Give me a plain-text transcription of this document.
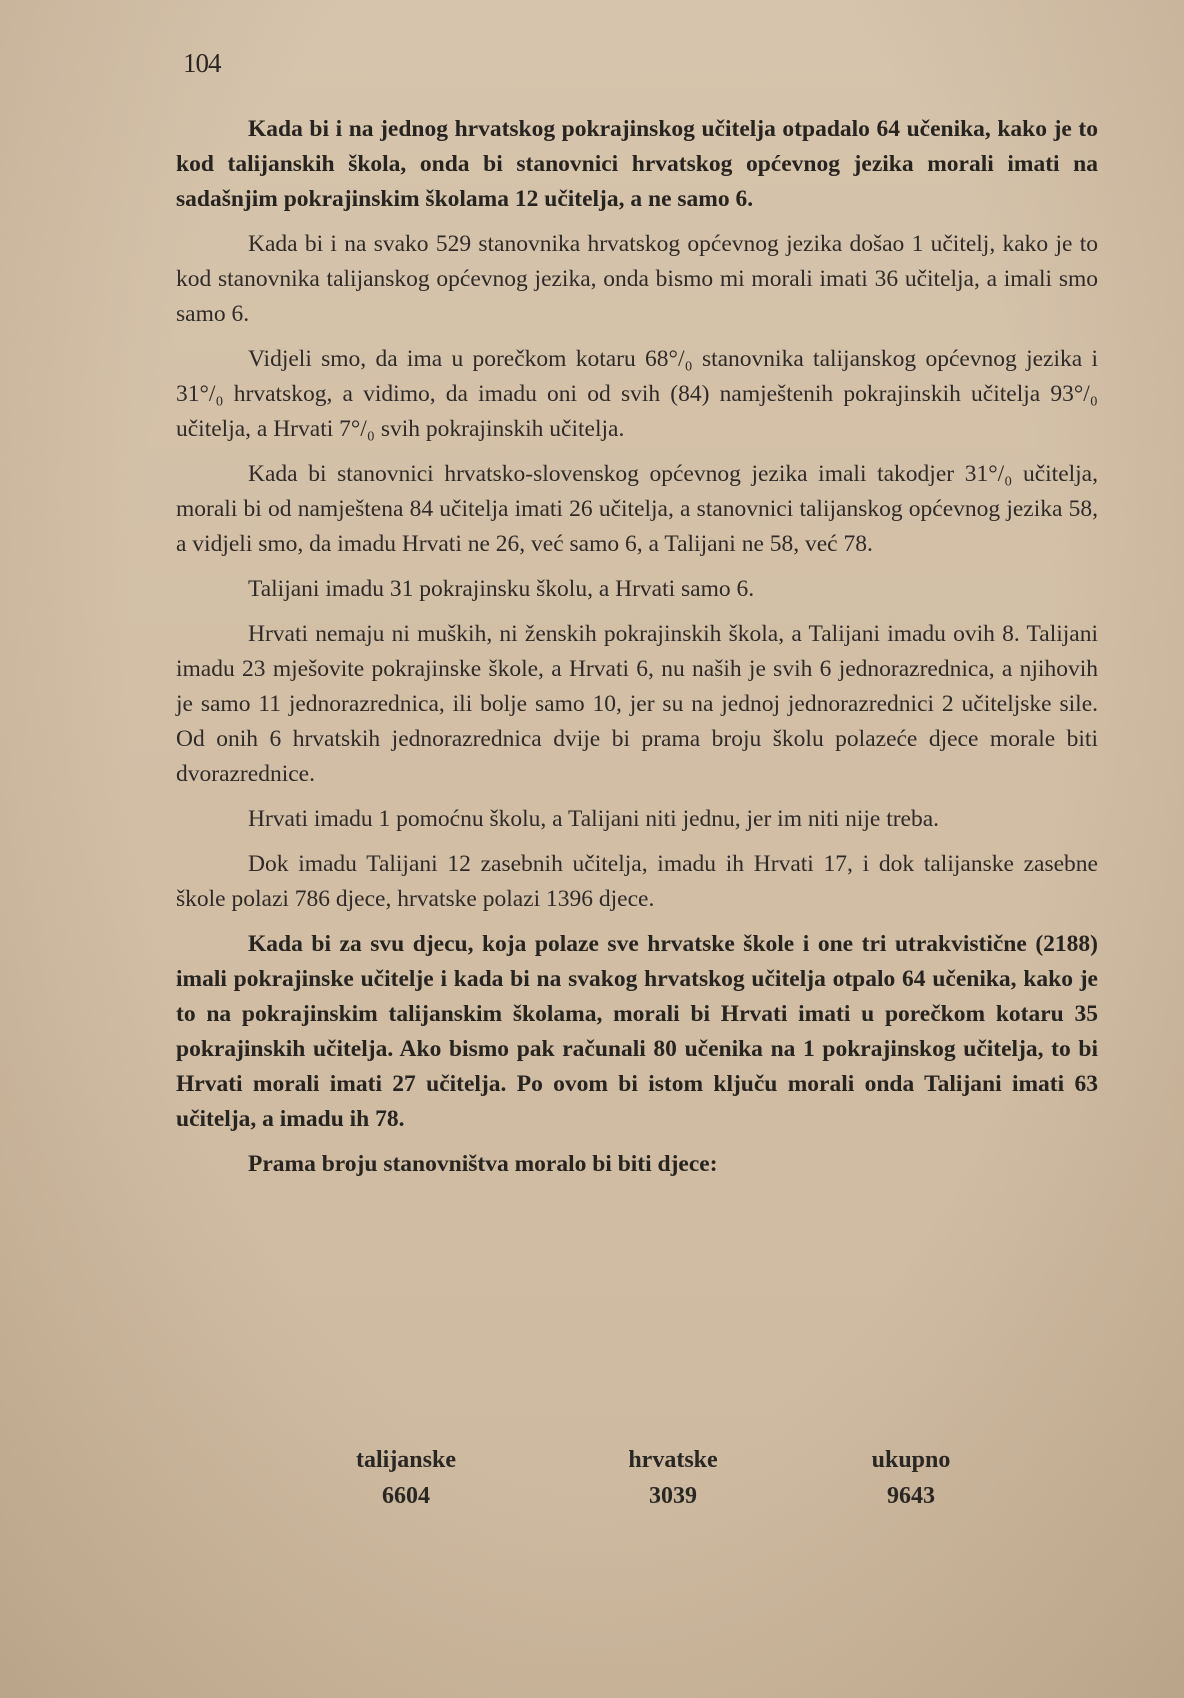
104

Kada bi i na jednog hrvatskog pokrajinskog učitelja otpadalo 64 učenika, kako je to kod talijanskih škola, onda bi stanovnici hrvatskog općevnog jezika morali imati na sadašnjim pokrajinskim školama 12 učitelja, a ne samo 6.

Kada bi i na svako 529 stanovnika hrvatskog općevnog jezika došao 1 učitelj, kako je to kod stanovnika talijanskog općevnog jezika, onda bismo mi morali imati 36 učitelja, a imali smo samo 6.

Vidjeli smo, da ima u porečkom kotaru 68°/₀ stanovnika talijanskog općevnog jezika i 31°/₀ hrvatskog, a vidimo, da imadu oni od svih (84) namještenih pokrajinskih učitelja 93°/₀ učitelja, a Hrvati 7°/₀ svih pokrajinskih učitelja.

Kada bi stanovnici hrvatsko-slovenskog općevnog jezika imali takodjer 31°/₀ učitelja, morali bi od namještena 84 učitelja imati 26 učitelja, a stanovnici talijanskog općevnog jezika 58, a vidjeli smo, da imadu Hrvati ne 26, već samo 6, a Talijani ne 58, već 78.

Talijani imadu 31 pokrajinsku školu, a Hrvati samo 6.

Hrvati nemaju ni muških, ni ženskih pokrajinskih škola, a Talijani imadu ovih 8. Talijani imadu 23 mješovite pokrajinske škole, a Hrvati 6, nu naših je svih 6 jednorazrednica, a njihovih je samo 11 jednorazrednica, ili bolje samo 10, jer su na jednoj jednorazrednici 2 učiteljske sile. Od onih 6 hrvatskih jednorazrednica dvije bi prama broju školu polazeće djece morale biti dvorazrednice.

Hrvati imadu 1 pomoćnu školu, a Talijani niti jednu, jer im niti nije treba.

Dok imadu Talijani 12 zasebnih učitelja, imadu ih Hrvati 17, i dok talijanske zasebne škole polazi 786 djece, hrvatske polazi 1396 djece.

Kada bi za svu djecu, koja polaze sve hrvatske škole i one tri utrakvistične (2188) imali pokrajinske učitelje i kada bi na svakog hrvatskog učitelja otpalo 64 učenika, kako je to na pokrajinskim talijanskim školama, morali bi Hrvati imati u porečkom kotaru 35 pokrajinskih učitelja. Ako bismo pak računali 80 učenika na 1 pokrajinskog učitelja, to bi Hrvati morali imati 27 učitelja. Po ovom bi istom ključu morali onda Talijani imati 63 učitelja, a imadu ih 78.

Prama broju stanovništva moralo bi biti djece:

talijanske
6604
hrvatske
3039
ukupno
9643
